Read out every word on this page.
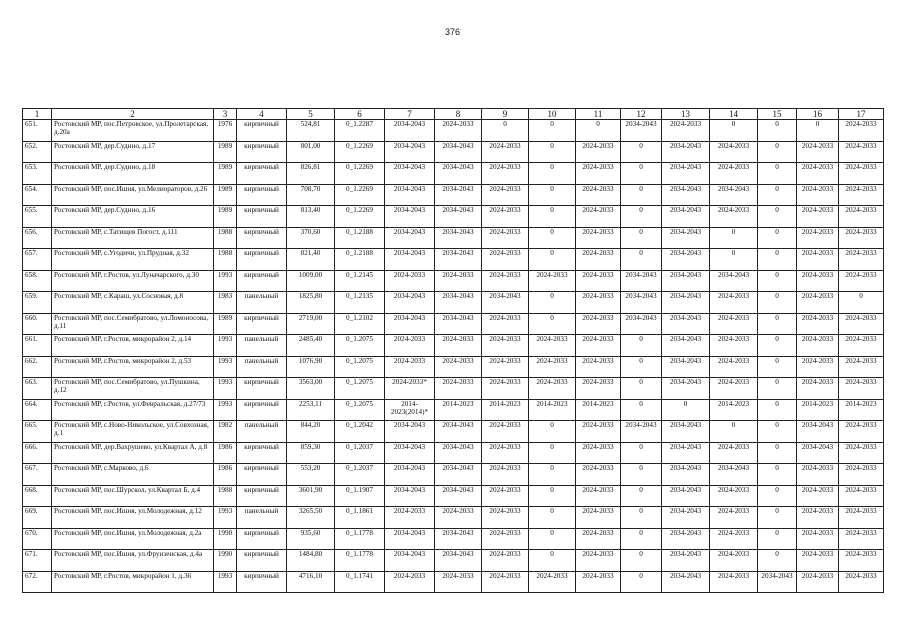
376
1	2	3	4	5	6	7	8	9	10	11	12	13	14	15	16	17
651.	Ростовский МР, пос.Петровское, ул.Пролетарская, д.20а	1976	кирпичный	524,81	0_1.2287	2034-2043	2024-2033	0	0	0	2034-2043	2024-2033	0	0	0	2024-2033
652.	Ростовский МР, дер.Судино, д.17	1989	кирпичный	801,00	0_1.2269	2034-2043	2034-2043	2024-2033	0	2024-2033	0	2034-2043	2024-2033	0	2024-2033	2024-2033
653.	Ростовский МР, дер.Судино, д.18	1989	кирпичный	826,81	0_1.2269	2034-2043	2034-2043	2024-2033	0	2024-2033	0	2034-2043	2024-2033	0	2024-2033	2024-2033
654.	Ростовский МР, пос.Ишня, ул.Мелиораторов, д.26	1989	кирпичный	708,70	0_1.2269	2034-2043	2034-2043	2024-2033	0	2024-2033	0	2034-2043	2034-2043	0	2024-2033	2024-2033
655.	Ростовский МР, дер.Судино, д.16	1989	кирпичный	813,40	0_1.2269	2034-2043	2034-2043	2024-2033	0	2024-2033	0	2034-2043	2024-2033	0	2024-2033	2024-2033
656.	Ростовский МР, с.Татищев Погост, д.111	1988	кирпичный	370,60	0_1.2188	2034-2043	2034-2043	2024-2033	0	2024-2033	0	2034-2043	0	0	2024-2033	2024-2033
657.	Ростовский МР, с.Угодичи, ул.Прудная, д.32	1988	кирпичный	821,40	0_1.2188	2034-2043	2034-2043	2024-2033	0	2024-2033	0	2034-2043	0	0	2024-2033	2024-2033
658.	Ростовский МР, г.Ростов, ул.Луначарского, д.30	1993	кирпичный	1009,00	0_1.2145	2024-2033	2024-2033	2024-2033	2024-2033	2024-2033	2034-2043	2034-2043	2034-2043	0	2024-2033	2024-2033
659.	Ростовский МР, с.Караш, ул.Сосновая, д.8	1983	панельный	1825,80	0_1.2135	2034-2043	2034-2043	2034-2043	0	2024-2033	2034-2043	2034-2043	2024-2033	0	2024-2033	0
660.	Ростовский МР, пос.Семибратово, ул.Ломоносова, д.11	1989	кирпичный	2719,00	0_1.2102	2034-2043	2034-2043	2024-2033	0	2024-2033	2034-2043	2034-2043	2024-2033	0	2024-2033	2024-2033
661.	Ростовский МР, г.Ростов, микрорайон 2, д.14	1993	панельный	2485,40	0_1.2075	2024-2033	2024-2033	2024-2033	2024-2033	2024-2033	0	2034-2043	2024-2033	0	2024-2033	2024-2033
662.	Ростовский МР, г.Ростов, микрорайон 2, д.53	1993	панельный	1076,90	0_1.2075	2024-2033	2024-2033	2024-2033	2024-2033	2024-2033	0	2034-2043	2024-2033	0	2024-2033	2024-2033
663.	Ростовский МР, пос.Семибратово, ул.Пушкина, д.12	1993	кирпичный	3563,00	0_1.2075	2024-2033*	2024-2033	2024-2033	2024-2033	2024-2033	0	2034-2043	2024-2033	0	2024-2033	2024-2033
664.	Ростовский МР, г.Ростов, ул.Февральская, д.27/73	1993	кирпичный	2253,11	0_1.2075	2014-2023(2014)*	2014-2023	2014-2023	2014-2023	2014-2023	0	0	2014-2023	0	2014-2023	2014-2023
665.	Ростовский МР, с.Ново-Никольское, ул.Совхозная, д.1	1982	панельный	844,20	0_1.2042	2034-2043	2034-2043	2024-2033	0	2024-2033	2034-2043	2034-2043	0	0	2034-2043	2024-2033
666.	Ростовский МР, дер.Вахрушево, ул.Квартал А, д.8	1986	кирпичный	859,30	0_1.2037	2034-2043	2034-2043	2024-2033	0	2024-2033	0	2034-2043	2024-2033	0	2034-2043	2024-2033
667.	Ростовский МР, с.Марково, д.6	1986	кирпичный	553,20	0_1.2037	2034-2043	2034-2043	2024-2033	0	2024-2033	0	2034-2043	2034-2043	0	2024-2033	2024-2033
668.	Ростовский МР, пос.Шурскол, ул.Квартал Б, д.4	1988	кирпичный	3601,90	0_1.1907	2034-2043	2034-2043	2024-2033	0	2024-2033	0	2034-2043	2024-2033	0	2024-2033	2024-2033
669.	Ростовский МР, пос.Ишня, ул.Молодежная, д.12	1993	панельный	3265,50	0_1.1861	2024-2033	2024-2033	2024-2033	0	2024-2033	0	2034-2043	2024-2033	0	2024-2033	2024-2033
670.	Ростовский МР, пос.Ишня, ул.Молодежная, д.2а	1990	кирпичный	935,60	0_1.1778	2034-2043	2034-2043	2024-2033	0	2024-2033	0	2034-2043	2024-2033	0	2024-2033	2024-2033
671.	Ростовский МР, пос.Ишня, ул.Фрунзенская, д.4а	1990	кирпичный	1484,80	0_1.1778	2034-2043	2034-2043	2024-2033	0	2024-2033	0	2034-2043	2024-2033	0	2024-2033	2024-2033
672.	Ростовский МР, г.Ростов, микрорайон 1, д.36	1993	кирпичный	4716,10	0_1.1741	2024-2033	2024-2033	2024-2033	2024-2033	2024-2033	0	2034-2043	2024-2033	2034-2043	2024-2033	2024-2033
